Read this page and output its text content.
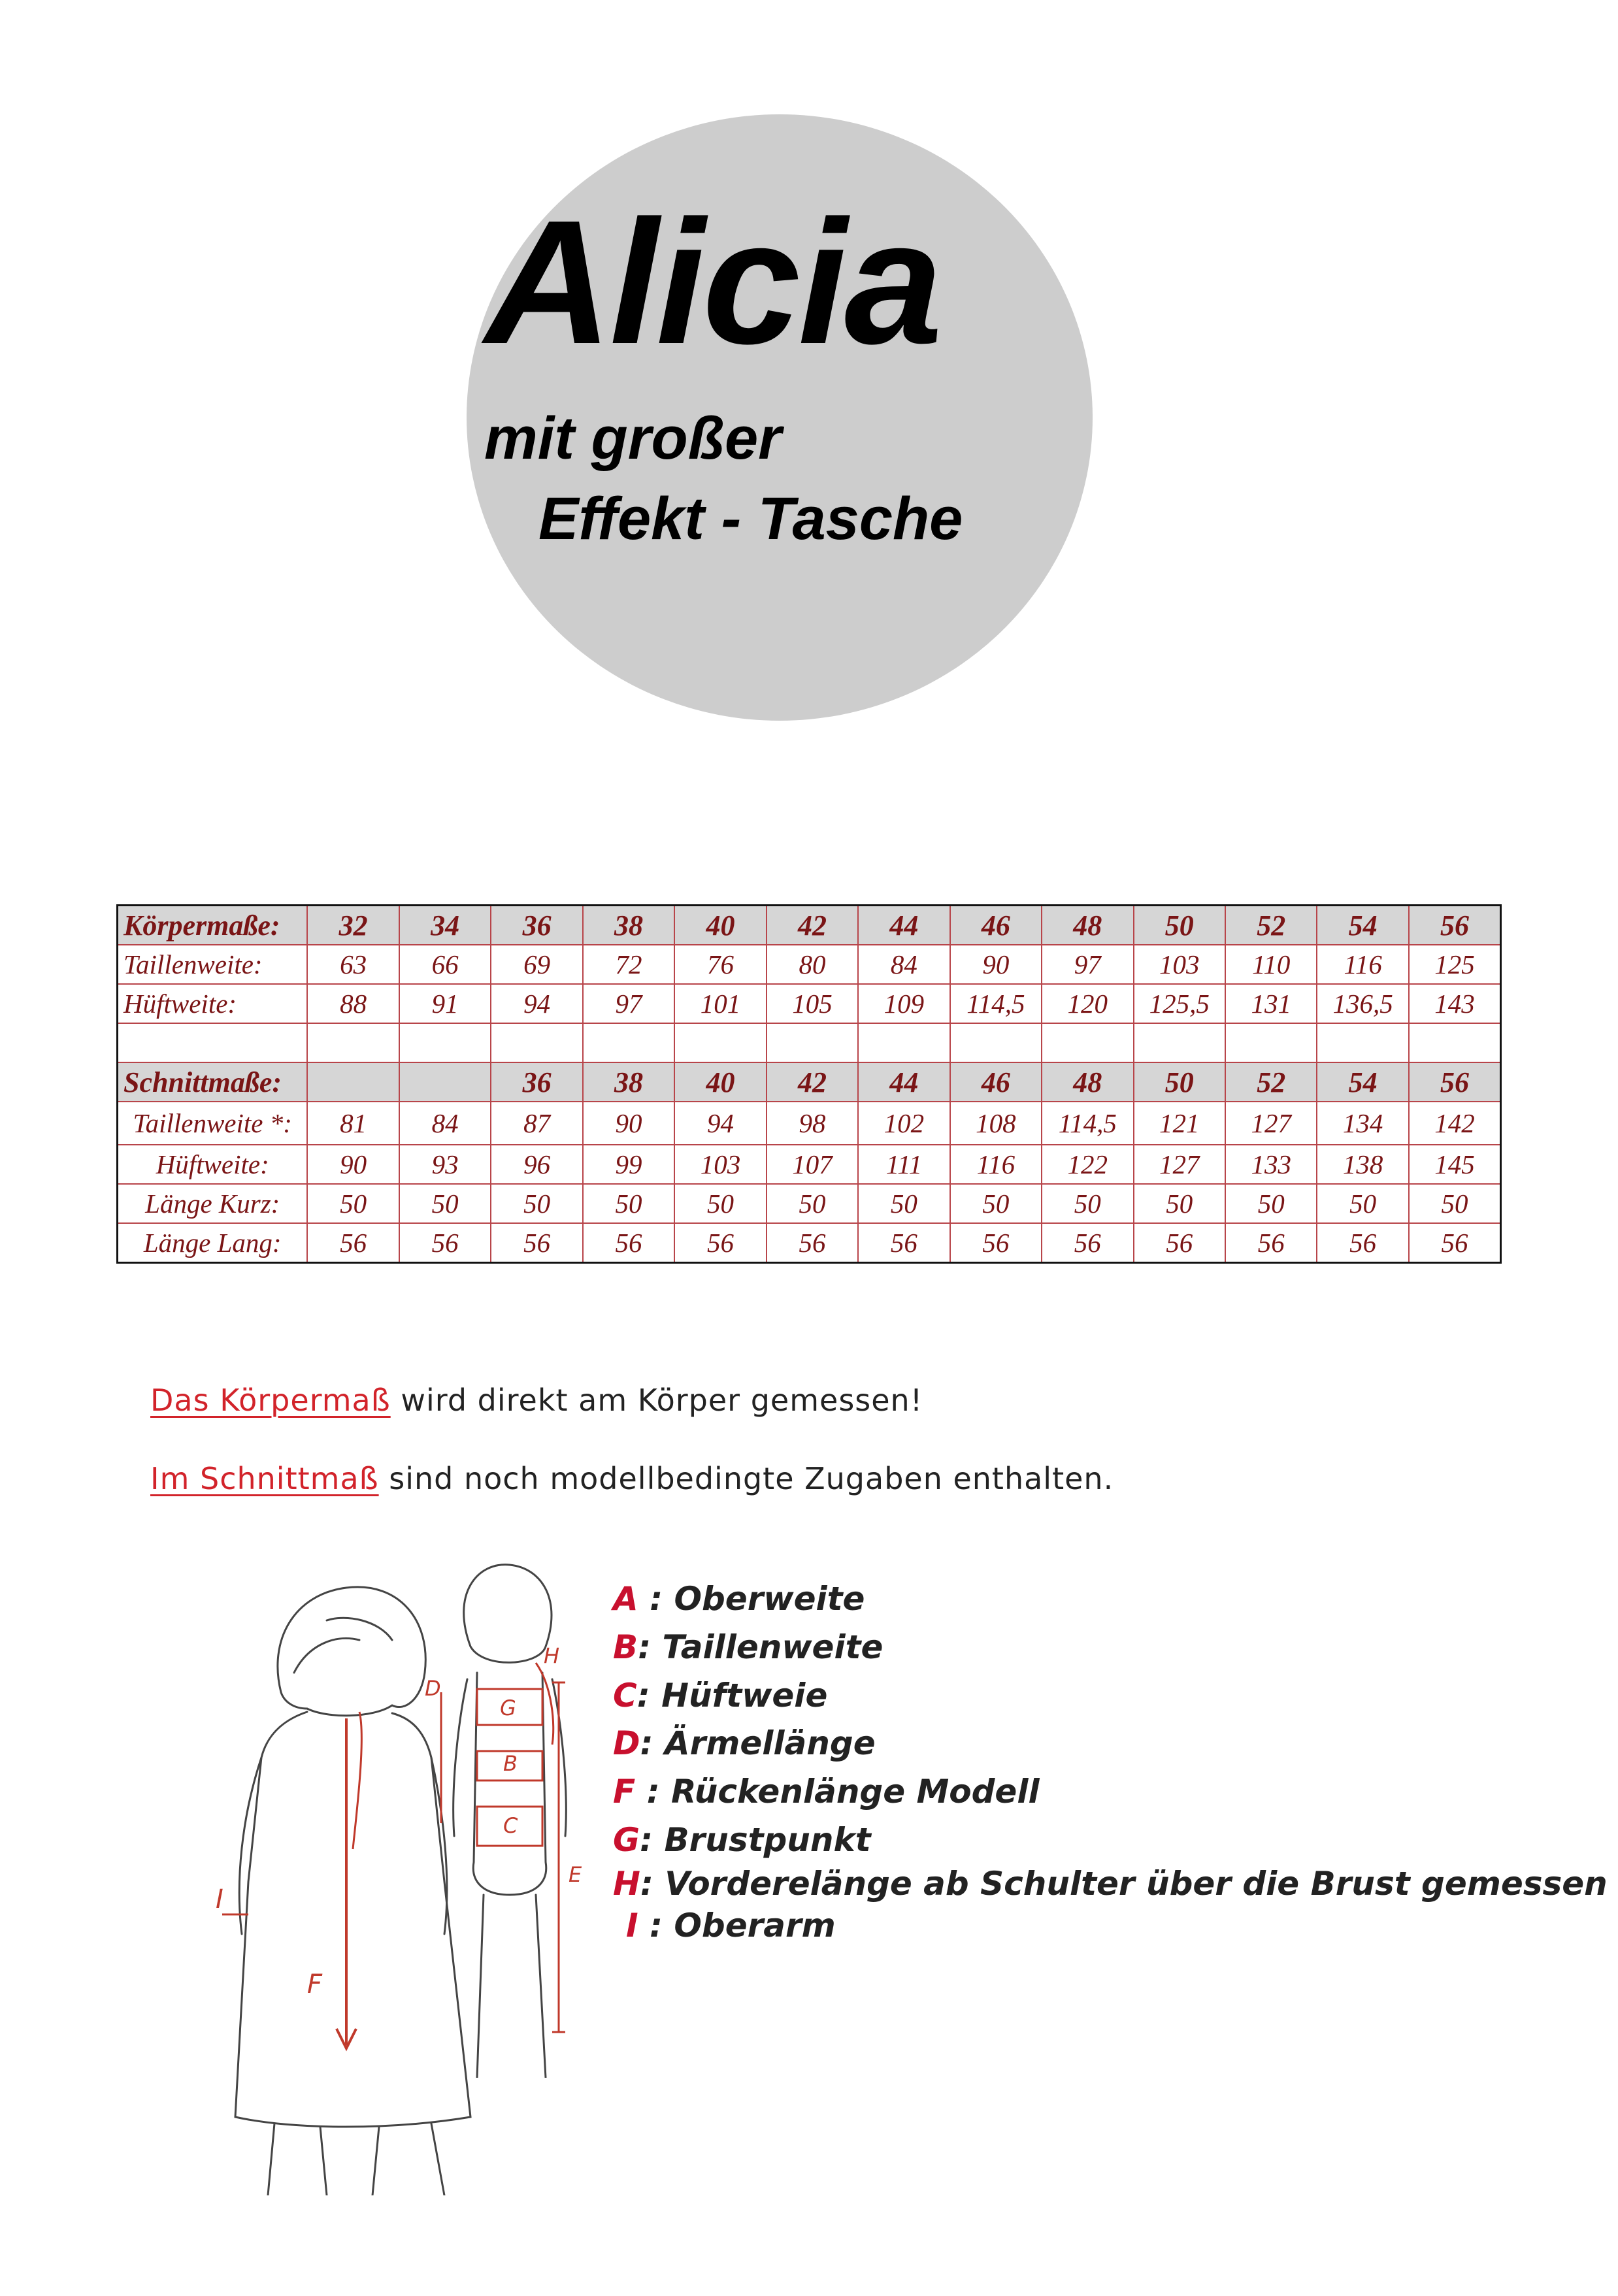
Alicia
mit großer
Effekt - Tasche
Körpermaße:	32	34	36	38	40	42	44	46	48	50	52	54	56
Taillenweite:	63	66	69	72	76	80	84	90	97	103	110	116	125
Hüftweite:	88	91	94	97	101	105	109	114,5	120	125,5	131	136,5	143

Schnittmaße:			36	38	40	42	44	46	48	50	52	54	56
Taillenweite *:	81	84	87	90	94	98	102	108	114,5	121	127	134	142
Hüftweite:	90	93	96	99	103	107	111	116	122	127	133	138	145
Länge Kurz:	50	50	50	50	50	50	50	50	50	50	50	50	50
Länge Lang:	56	56	56	56	56	56	56	56	56	56	56	56	56
Das Körpermaß wird direkt am Körper gemessen!
Im Schnittmaß sind noch modellbedingte Zugaben enthalten.
F
I
D
G
B
C
E
H
A : Oberweite
B: Taillenweite
C: Hüftweie
D: Ärmellänge
F : Rückenlänge Modell
G: Brustpunkt
H: Vorderelänge ab Schulter über die Brust gemessen
I : Oberarm
